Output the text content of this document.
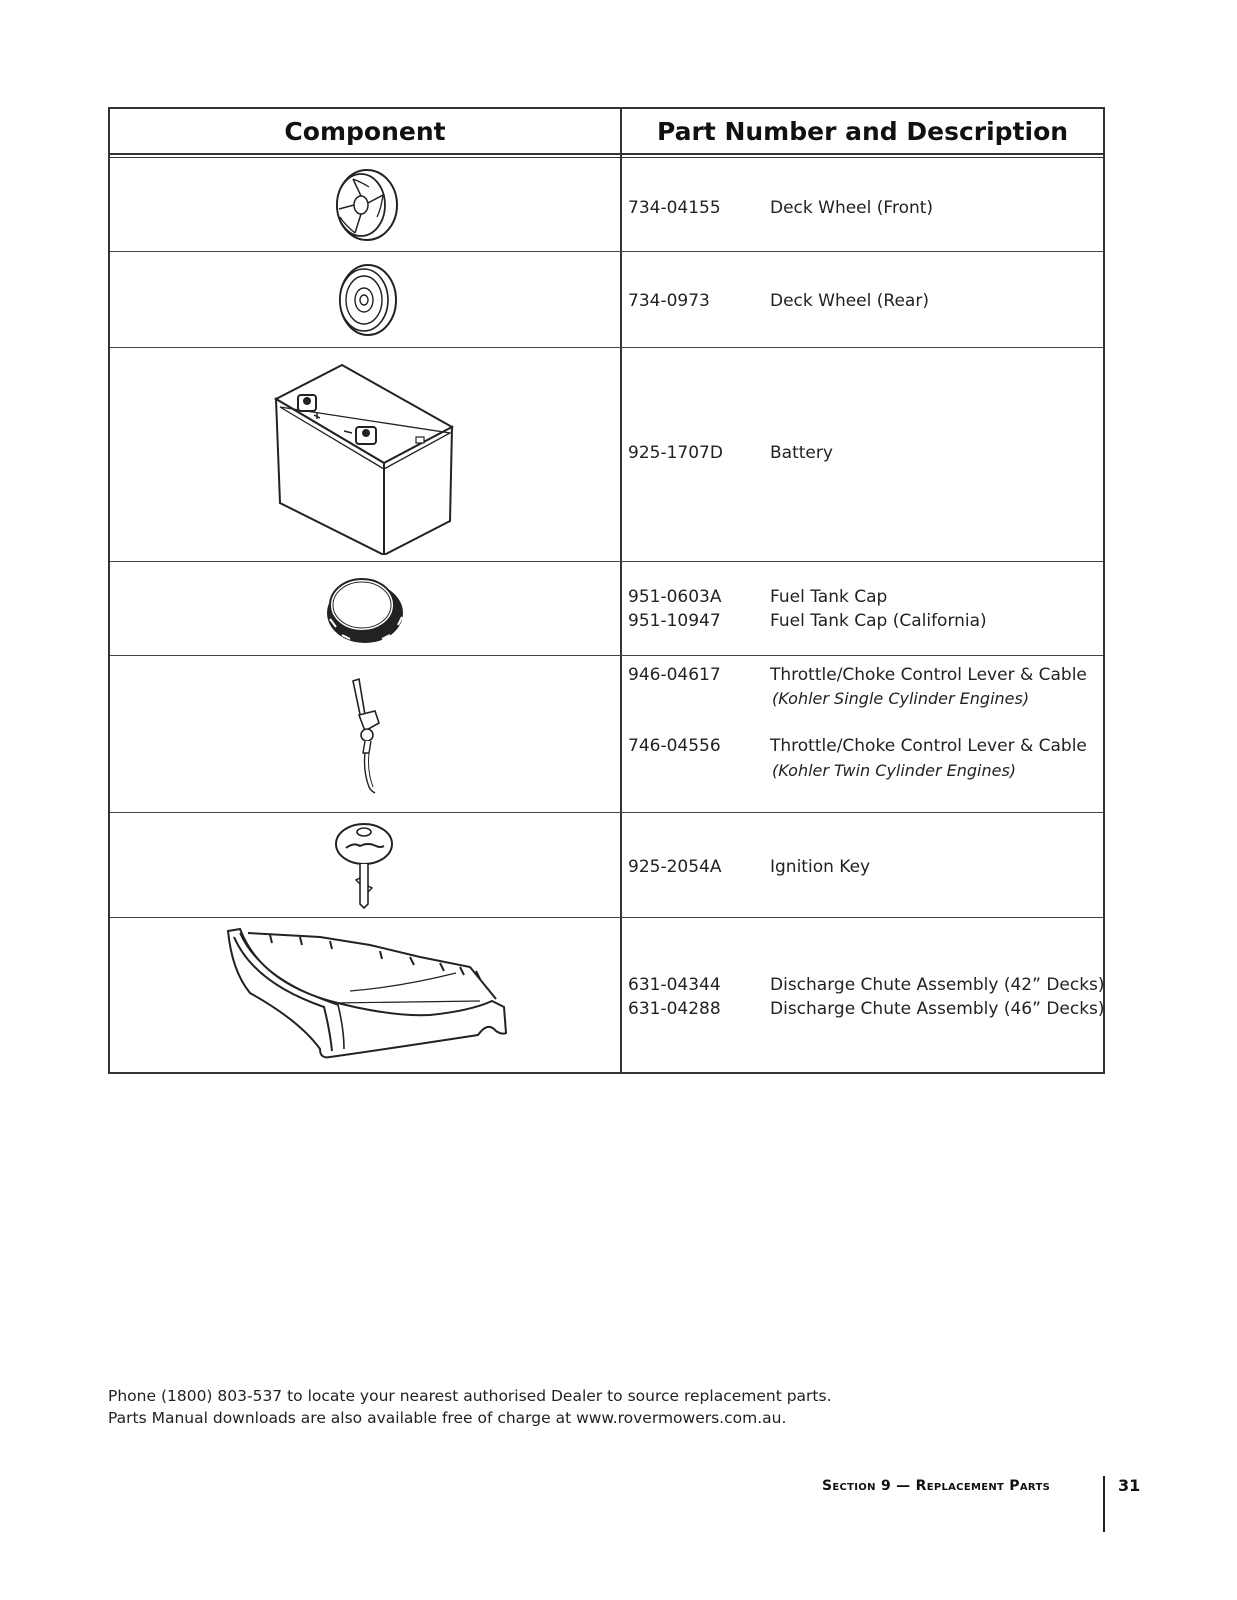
Component	Part Number and Description
734-04155	Deck Wheel (Front)
734-0973	Deck Wheel (Rear)
925-1707D	Battery
951-0603A	Fuel Tank Cap
951-10947	Fuel Tank Cap (California)
946-04617	Throttle/Choke Control Lever & Cable
(Kohler Single Cylinder Engines)
746-04556	Throttle/Choke Control Lever & Cable
(Kohler Twin Cylinder Engines)
925-2054A	Ignition Key
631-04344	Discharge Chute Assembly (42” Decks)
631-04288	Discharge Chute Assembly (46” Decks)
Phone (1800) 803-537 to locate your nearest authorised Dealer to source replacement parts.
Parts Manual downloads are also available free of charge at www.rovermowers.com.au.
Section 9 — Replacement Parts	31
